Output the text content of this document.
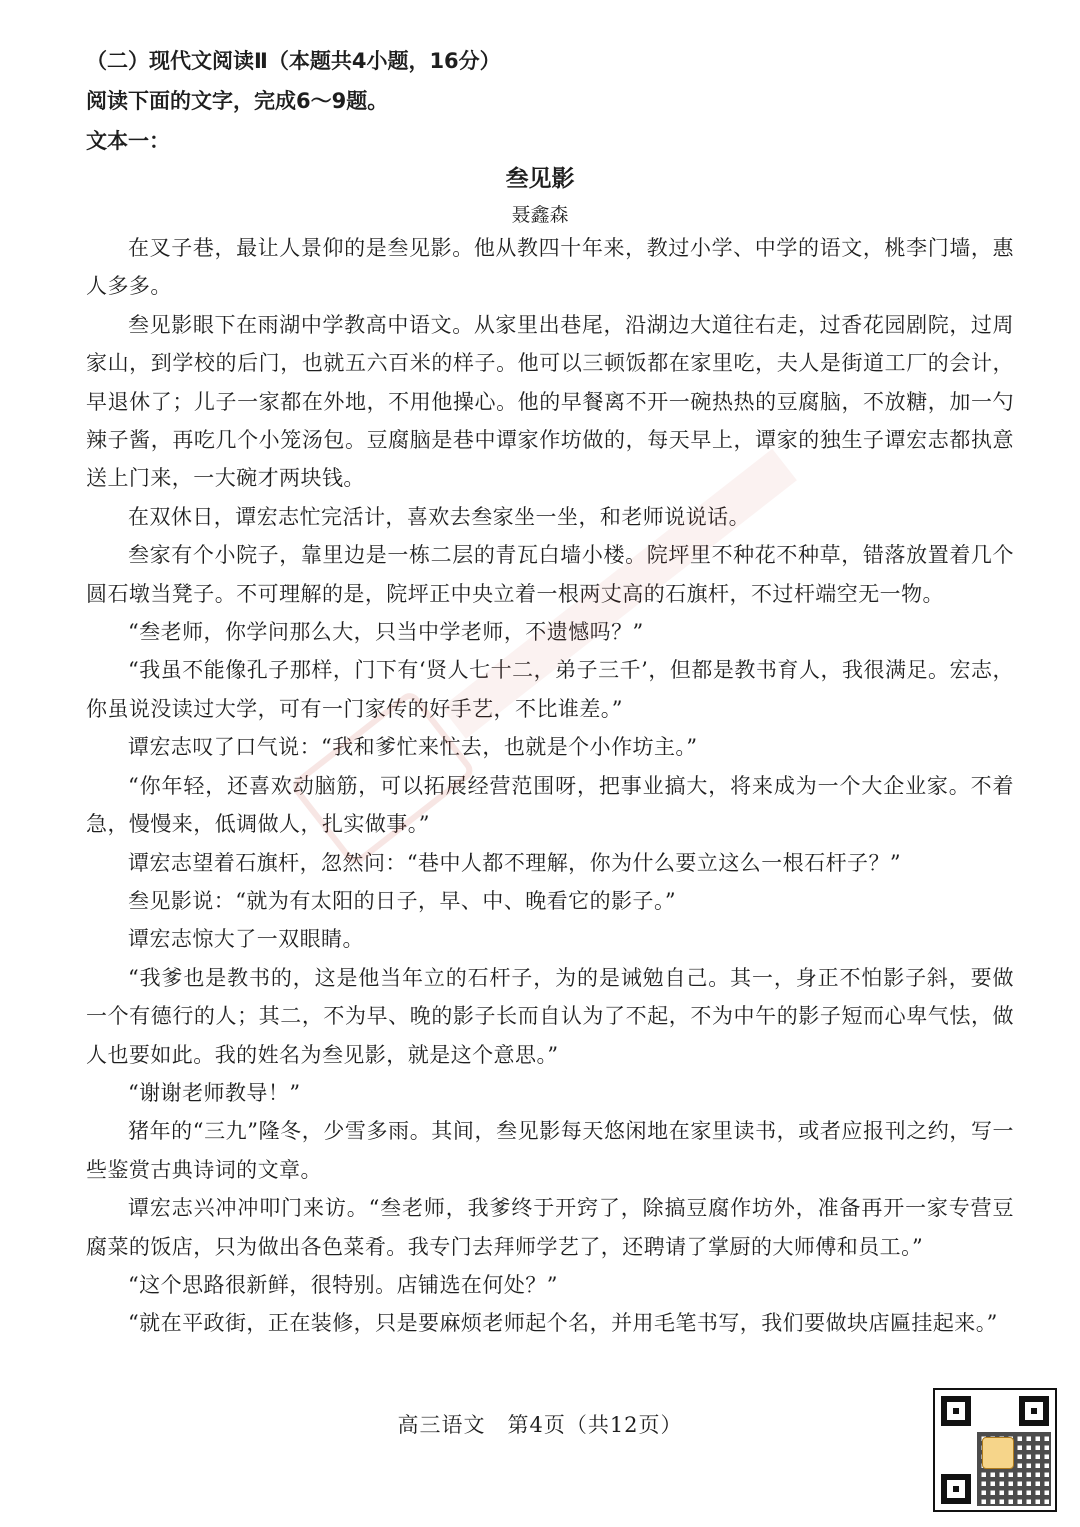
（二）现代文阅读Ⅱ（本题共4小题，16分）
阅读下面的文字，完成6～9题。
文本一：
叁见影
聂鑫森

在叉子巷，最让人景仰的是叁见影。他从教四十年来，教过小学、中学的语文，桃李门墙，惠人多多。

叁见影眼下在雨湖中学教高中语文。从家里出巷尾，沿湖边大道往右走，过香花园剧院，过周家山，到学校的后门，也就五六百米的样子。他可以三顿饭都在家里吃，夫人是街道工厂的会计，早退休了；儿子一家都在外地，不用他操心。他的早餐离不开一碗热热的豆腐脑，不放糖，加一勺辣子酱，再吃几个小笼汤包。豆腐脑是巷中谭家作坊做的，每天早上，谭家的独生子谭宏志都执意送上门来，一大碗才两块钱。

在双休日，谭宏志忙完活计，喜欢去叁家坐一坐，和老师说说话。

叁家有个小院子，靠里边是一栋二层的青瓦白墙小楼。院坪里不种花不种草，错落放置着几个圆石墩当凳子。不可理解的是，院坪正中央立着一根两丈高的石旗杆，不过杆端空无一物。

“叁老师，你学问那么大，只当中学老师，不遗憾吗？”

“我虽不能像孔子那样，门下有‘贤人七十二，弟子三千’，但都是教书育人，我很满足。宏志，你虽说没读过大学，可有一门家传的好手艺，不比谁差。”

谭宏志叹了口气说：“我和爹忙来忙去，也就是个小作坊主。”

“你年轻，还喜欢动脑筋，可以拓展经营范围呀，把事业搞大，将来成为一个大企业家。不着急，慢慢来，低调做人，扎实做事。”

谭宏志望着石旗杆，忽然问：“巷中人都不理解，你为什么要立这么一根石杆子？”

叁见影说：“就为有太阳的日子，早、中、晚看它的影子。”

谭宏志惊大了一双眼睛。

“我爹也是教书的，这是他当年立的石杆子，为的是诫勉自己。其一，身正不怕影子斜，要做一个有德行的人；其二，不为早、晚的影子长而自认为了不起，不为中午的影子短而心卑气怯，做人也要如此。我的姓名为叁见影，就是这个意思。”

“谢谢老师教导！”

猪年的“三九”隆冬，少雪多雨。其间，叁见影每天悠闲地在家里读书，或者应报刊之约，写一些鉴赏古典诗词的文章。

谭宏志兴冲冲叩门来访。“叁老师，我爹终于开窍了，除搞豆腐作坊外，准备再开一家专营豆腐菜的饭店，只为做出各色菜肴。我专门去拜师学艺了，还聘请了掌厨的大师傅和员工。”

“这个思路很新鲜，很特别。店铺选在何处？”

“就在平政街，正在装修，只是要麻烦老师起个名，并用毛笔书写，我们要做块店匾挂起来。”

高三语文　第4页（共12页）
